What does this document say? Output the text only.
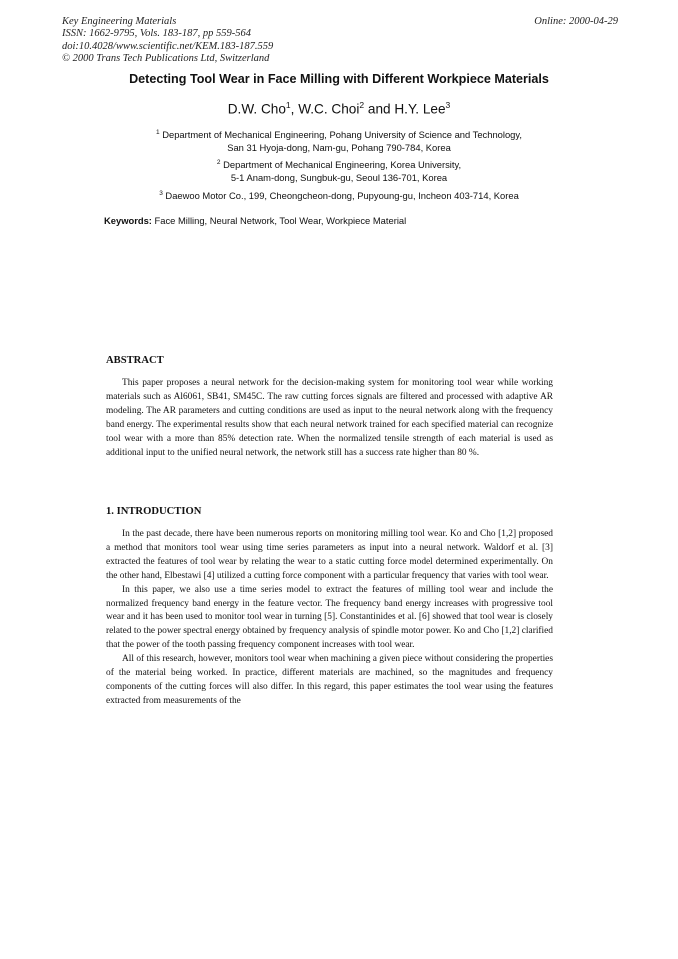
Key Engineering Materials
ISSN: 1662-9795, Vols. 183-187, pp 559-564
doi:10.4028/www.scientific.net/KEM.183-187.559
© 2000 Trans Tech Publications Ltd, Switzerland
Online: 2000-04-29
Detecting Tool Wear in Face Milling with Different Workpiece Materials
D.W. Cho$^1$, W.C. Choi$^2$ and H.Y. Lee$^3$
$^1$ Department of Mechanical Engineering, Pohang University of Science and Technology,
San 31 Hyoja-dong, Nam-gu, Pohang 790-784, Korea
$^2$ Department of Mechanical Engineering, Korea University,
5-1 Anam-dong, Sungbuk-gu, Seoul 136-701, Korea
$^3$ Daewoo Motor Co., 199, Cheongcheon-dong, Pupyoung-gu, Incheon 403-714, Korea
Keywords: Face Milling, Neural Network, Tool Wear, Workpiece Material
ABSTRACT

This paper proposes a neural network for the decision-making system for monitoring tool wear while working materials such as Al6061, SB41, SM45C. The raw cutting forces signals are filtered and processed with adaptive AR modeling. The AR parameters and cutting conditions are used as input to the neural network along with the frequency band energy. The experimental results show that each neural network trained for each specified material can recognize tool wear with a more than 85% detection rate. When the normalized tensile strength of each material is used as additional input to the unified neural network, the network still has a success rate higher than 80 %.

1. INTRODUCTION

In the past decade, there have been numerous reports on monitoring milling tool wear. Ko and Cho [1,2] proposed a method that monitors tool wear using time series parameters as input into a neural network. Waldorf et al. [3] extracted the features of tool wear by relating the wear to a static cutting force model determined experimentally. On the other hand, Elbestawi [4] utilized a cutting force component with a particular frequency that varies with tool wear.

In this paper, we also use a time series model to extract the features of milling tool wear and include the normalized frequency band energy in the feature vector. The frequency band energy increases with progressive tool wear and it has been used to monitor tool wear in turning [5]. Constantinides et al. [6] showed that tool wear is closely related to the power spectral energy obtained by frequency analysis of spindle motor power. Ko and Cho [1,2] clarified that the power of the tooth passing frequency component increases with tool wear.

All of this research, however, monitors tool wear when machining a given piece without considering the properties of the material being worked. In practice, different materials are machined, so the magnitudes and frequency components of the cutting forces will also differ. In this regard, this paper estimates the tool wear using the features extracted from measurements of the
